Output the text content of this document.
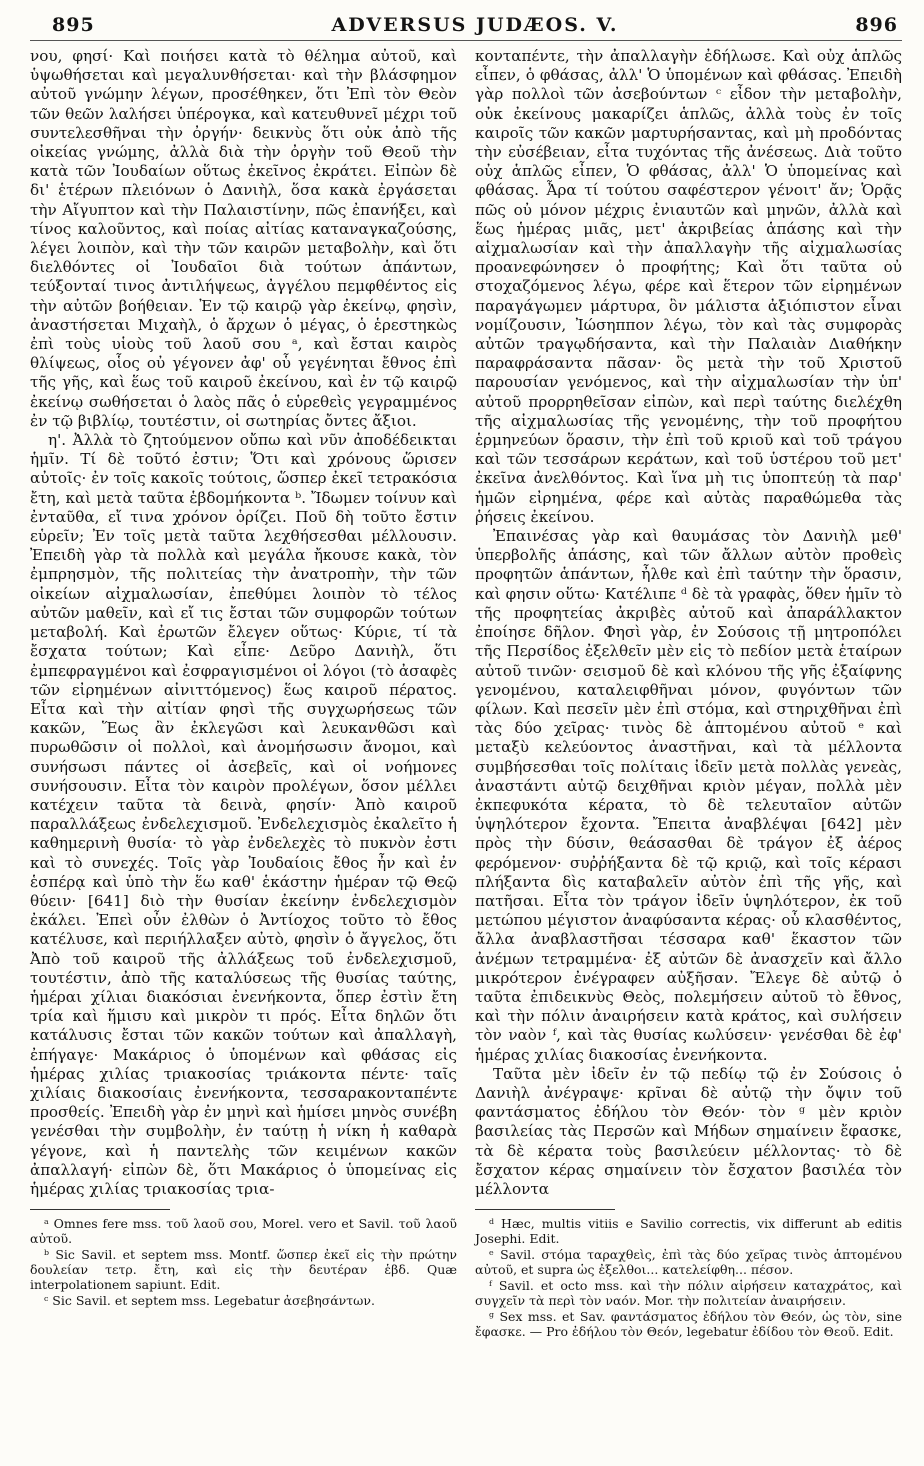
895	ADVERSUS JUDÆOS. V.	896

νου, φησί· Καὶ ποιήσει κατὰ τὸ θέλημα αὐτοῦ, καὶ ὑψωθήσεται καὶ μεγαλυνθήσεται· καὶ τὴν βλάσφημον αὐτοῦ γνώμην λέγων, προσέθηκεν, ὅτι Ἐπὶ τὸν Θεὸν τῶν θεῶν λαλήσει ὑπέρογκα, καὶ κατευθυνεῖ μέχρι τοῦ συντελεσθῆναι τὴν ὀργήν· δεικνὺς ὅτι οὐκ ἀπὸ τῆς οἰκείας γνώμης, ἀλλὰ διὰ τὴν ὀργὴν τοῦ Θεοῦ τὴν κατὰ τῶν Ἰουδαίων οὕτως ἐκεῖνος ἐκράτει. Εἰπὼν δὲ δι' ἑτέρων πλειόνων ὁ Δανιὴλ, ὅσα κακὰ ἐργάσεται τὴν Αἴγυπτον καὶ τὴν Παλαιστίνην, πῶς ἐπανήξει, καὶ τίνος καλοῦντος, καὶ ποίας αἰτίας καταναγκαζούσης, λέγει λοιπὸν, καὶ τὴν τῶν καιρῶν μεταβολὴν, καὶ ὅτι διελθόντες οἱ Ἰουδαῖοι διὰ τούτων ἁπάντων, τεύξονταί τινος ἀντιλήψεως, ἀγγέλου πεμφθέντος εἰς τὴν αὐτῶν βοήθειαν. Ἐν τῷ καιρῷ γὰρ ἐκείνῳ, φησὶν, ἀναστήσεται Μιχαὴλ, ὁ ἄρχων ὁ μέγας, ὁ ἑρεστηκὼς ἐπὶ τοὺς υἱοὺς τοῦ λαοῦ σου ᵃ, καὶ ἔσται καιρὸς θλίψεως, οἷος οὐ γέγονεν ἀφ' οὗ γεγένηται ἔθνος ἐπὶ τῆς γῆς, καὶ ἕως τοῦ καιροῦ ἐκείνου, καὶ ἐν τῷ καιρῷ ἐκείνῳ σωθήσεται ὁ λαὸς πᾶς ὁ εὑρεθεὶς γεγραμμένος ἐν τῷ βιβλίῳ, τουτέστιν, οἱ σωτηρίας ὄντες ἄξιοι.

η'. Ἀλλὰ τὸ ζητούμενον οὔπω καὶ νῦν ἀποδέδεικται ἡμῖν. Τί δὲ τοῦτό ἐστιν; Ὅτι καὶ χρόνους ὥρισεν αὐτοῖς· ἐν τοῖς κακοῖς τούτοις, ὥσπερ ἐκεῖ τετρακόσια ἔτη, καὶ μετὰ ταῦτα ἑβδομήκοντα ᵇ. Ἴδωμεν τοίνυν καὶ ἐνταῦθα, εἴ τινα χρόνον ὁρίζει. Ποῦ δὴ τοῦτο ἔστιν εὑρεῖν; Ἐν τοῖς μετὰ ταῦτα λεχθήσεσθαι μέλλουσιν. Ἐπειδὴ γὰρ τὰ πολλὰ καὶ μεγάλα ἤκουσε κακὰ, τὸν ἐμπρησμὸν, τῆς πολιτείας τὴν ἀνατροπὴν, τὴν τῶν οἰκείων αἰχμαλωσίαν, ἐπεθύμει λοιπὸν τὸ τέλος αὐτῶν μαθεῖν, καὶ εἴ τις ἔσται τῶν συμφορῶν τούτων μεταβολή. Καὶ ἐρωτῶν ἔλεγεν οὕτως· Κύριε, τί τὰ ἔσχατα τούτων; Καὶ εἶπε· Δεῦρο Δανιὴλ, ὅτι ἐμπεφραγμένοι καὶ ἐσφραγισμένοι οἱ λόγοι (τὸ ἀσαφὲς τῶν εἰρημένων αἰνιττόμενος) ἕως καιροῦ πέρατος. Εἶτα καὶ τὴν αἰτίαν φησὶ τῆς συγχωρήσεως τῶν κακῶν, Ἕως ἂν ἐκλεγῶσι καὶ λευκανθῶσι καὶ πυρωθῶσιν οἱ πολλοὶ, καὶ ἀνομήσωσιν ἄνομοι, καὶ συνήσωσι πάντες οἱ ἀσεβεῖς, καὶ οἱ νοήμονες συνήσουσιν. Εἶτα τὸν καιρὸν προλέγων, ὅσον μέλλει κατέχειν ταῦτα τὰ δεινὰ, φησίν· Ἀπὸ καιροῦ παραλλάξεως ἐνδελεχισμοῦ. Ἐνδελεχισμὸς ἐκαλεῖτο ἡ καθημερινὴ θυσία· τὸ γὰρ ἐνδελεχὲς τὸ πυκνὸν ἐστι καὶ τὸ συνεχές. Τοῖς γὰρ Ἰουδαίοις ἔθος ἦν καὶ ἐν ἑσπέρᾳ καὶ ὑπὸ τὴν ἕω καθ' ἑκάστην ἡμέραν τῷ Θεῷ θύειν· [641] διὸ τὴν θυσίαν ἐκείνην ἐνδελεχισμὸν ἐκάλει. Ἐπεὶ οὖν ἐλθὼν ὁ Ἀντίοχος τοῦτο τὸ ἔθος κατέλυσε, καὶ περιήλλαξεν αὐτὸ, φησὶν ὁ ἄγγελος, ὅτι Ἀπὸ τοῦ καιροῦ τῆς ἀλλάξεως τοῦ ἐνδελεχισμοῦ, τουτέστιν, ἀπὸ τῆς καταλύσεως τῆς θυσίας ταύτης, ἡμέραι χίλιαι διακόσιαι ἐνενήκοντα, ὅπερ ἐστὶν ἔτη τρία καὶ ἥμισυ καὶ μικρὸν τι πρός. Εἶτα δηλῶν ὅτι κατάλυσις ἔσται τῶν κακῶν τούτων καὶ ἀπαλλαγὴ, ἐπήγαγε· Μακάριος ὁ ὑπομένων καὶ φθάσας εἰς ἡμέρας χιλίας τριακοσίας τριάκοντα πέντε· ταῖς χιλίαις διακοσίαις ἐνενήκοντα, τεσσαρακονταπέντε προσθείς. Ἐπειδὴ γὰρ ἐν μηνὶ καὶ ἡμίσει μηνὸς συνέβη γενέσθαι τὴν συμβολὴν, ἐν ταύτῃ ἡ νίκη ἡ καθαρὰ γέγονε, καὶ ἡ παντελὴς τῶν κειμένων κακῶν ἀπαλλαγή· εἰπὼν δὲ, ὅτι Μακάριος ὁ ὑπομείνας εἰς ἡμέρας χιλίας τριακοσίας τρια-

ᵃ Omnes fere mss. τοῦ λαοῦ σου, Morel. vero et Savil. τοῦ λαοῦ αὐτοῦ.

ᵇ Sic Savil. et septem mss. Montf. ὥσπερ ἐκεῖ εἰς τὴν πρώτην δουλείαν τετρ. ἔτη, καὶ εἰς τὴν δευτέραν ἑβδ. Quæ interpolationem sapiunt. Edit.

ᶜ Sic Savil. et septem mss. Legebatur ἀσεβησάντων.

κονταπέντε, τὴν ἀπαλλαγὴν ἐδήλωσε. Καὶ οὐχ ἁπλῶς εἶπεν, ὁ φθάσας, ἀλλ' Ὁ ὑπομένων καὶ φθάσας. Ἐπειδὴ γὰρ πολλοὶ τῶν ἀσεβούντων ᶜ εἶδον τὴν μεταβολὴν, οὐκ ἐκείνους μακαρίζει ἁπλῶς, ἀλλὰ τοὺς ἐν τοῖς καιροῖς τῶν κακῶν μαρτυρήσαντας, καὶ μὴ προδόντας τὴν εὐσέβειαν, εἶτα τυχόντας τῆς ἀνέσεως. Διὰ τοῦτο οὐχ ἁπλῶς εἶπεν, Ὁ φθάσας, ἀλλ' Ὁ ὑπομείνας καὶ φθάσας. Ἆρα τί τούτου σαφέστερον γένοιτ' ἄν; Ὁρᾷς πῶς οὐ μόνον μέχρις ἐνιαυτῶν καὶ μηνῶν, ἀλλὰ καὶ ἕως ἡμέρας μιᾶς, μετ' ἀκριβείας ἁπάσης καὶ τὴν αἰχμαλωσίαν καὶ τὴν ἀπαλλαγὴν τῆς αἰχμαλωσίας προανεφώνησεν ὁ προφήτης; Καὶ ὅτι ταῦτα οὐ στοχαζόμενος λέγω, φέρε καὶ ἕτερον τῶν εἰρημένων παραγάγωμεν μάρτυρα, ὃν μάλιστα ἀξιόπιστον εἶναι νομίζουσιν, Ἰώσηππον λέγω, τὸν καὶ τὰς συμφορὰς αὐτῶν τραγῳδήσαντα, καὶ τὴν Παλαιὰν Διαθήκην παραφράσαντα πᾶσαν· ὃς μετὰ τὴν τοῦ Χριστοῦ παρουσίαν γενόμενος, καὶ τὴν αἰχμαλωσίαν τὴν ὑπ' αὐτοῦ προρρηθεῖσαν εἰπὼν, καὶ περὶ ταύτης διελέχθη τῆς αἰχμαλωσίας τῆς γενομένης, τὴν τοῦ προφήτου ἑρμηνεύων ὅρασιν, τὴν ἐπὶ τοῦ κριοῦ καὶ τοῦ τράγου καὶ τῶν τεσσάρων κεράτων, καὶ τοῦ ὑστέρου τοῦ μετ' ἐκεῖνα ἀνελθόντος. Καὶ ἵνα μὴ τις ὑποπτεύῃ τὰ παρ' ἡμῶν εἰρημένα, φέρε καὶ αὐτὰς παραθώμεθα τὰς ῥήσεις ἐκείνου.

Ἐπαινέσας γὰρ καὶ θαυμάσας τὸν Δανιὴλ μεθ' ὑπερβολῆς ἁπάσης, καὶ τῶν ἄλλων αὐτὸν προθεὶς προφητῶν ἁπάντων, ἦλθε καὶ ἐπὶ ταύτην τὴν ὅρασιν, καὶ φησιν οὕτω· Κατέλιπε ᵈ δὲ τὰ γραφὰς, ὅθεν ἡμῖν τὸ τῆς προφητείας ἀκριβὲς αὐτοῦ καὶ ἀπαράλλακτον ἐποίησε δῆλον. Φησὶ γὰρ, ἐν Σούσοις τῇ μητροπόλει τῆς Περσίδος ἐξελθεῖν μὲν εἰς τὸ πεδίον μετὰ ἑταίρων αὐτοῦ τινῶν· σεισμοῦ δὲ καὶ κλόνου τῆς γῆς ἐξαίφνης γενομένου, καταλειφθῆναι μόνον, φυγόντων τῶν φίλων. Καὶ πεσεῖν μὲν ἐπὶ στόμα, καὶ στηριχθῆναι ἐπὶ τὰς δύο χεῖρας· τινὸς δὲ ἁπτομένου αὐτοῦ ᵉ καὶ μεταξὺ κελεύοντος ἀναστῆναι, καὶ τὰ μέλλοντα συμβήσεσθαι τοῖς πολίταις ἰδεῖν μετὰ πολλὰς γενεὰς, ἀναστάντι αὐτῷ δειχθῆναι κριὸν μέγαν, πολλὰ μὲν ἐκπεφυκότα κέρατα, τὸ δὲ τελευταῖον αὐτῶν ὑψηλότερον ἔχοντα. Ἔπειτα ἀναβλέψαι [642] μὲν πρὸς τὴν δύσιν, θεάσασθαι δὲ τράγον ἐξ ἀέρος φερόμενον· συῤῥήξαντα δὲ τῷ κριῷ, καὶ τοῖς κέρασι πλήξαντα δὶς καταβαλεῖν αὐτὸν ἐπὶ τῆς γῆς, καὶ πατῆσαι. Εἶτα τὸν τράγον ἰδεῖν ὑψηλότερον, ἐκ τοῦ μετώπου μέγιστον ἀναφύσαντα κέρας· οὗ κλασθέντος, ἄλλα ἀναβλαστῆσαι τέσσαρα καθ' ἕκαστον τῶν ἀνέμων τετραμμένα· ἐξ αὐτῶν δὲ ἀνασχεῖν καὶ ἄλλο μικρότερον ἐνέγραφεν αὐξῆσαν. Ἔλεγε δὲ αὐτῷ ὁ ταῦτα ἐπιδεικνὺς Θεὸς, πολεμήσειν αὐτοῦ τὸ ἔθνος, καὶ τὴν πόλιν ἀναιρήσειν κατὰ κράτος, καὶ συλήσειν τὸν ναὸν ᶠ, καὶ τὰς θυσίας κωλύσειν· γενέσθαι δὲ ἐφ' ἡμέρας χιλίας διακοσίας ἐνενήκοντα.

Ταῦτα μὲν ἰδεῖν ἐν τῷ πεδίῳ τῷ ἐν Σούσοις ὁ Δανιὴλ ἀνέγραψε· κρῖναι δὲ αὐτῷ τὴν ὄψιν τοῦ φαντάσματος ἐδήλου τὸν Θεόν· τὸν ᵍ μὲν κριὸν βασιλείας τὰς Περσῶν καὶ Μήδων σημαίνειν ἔφασκε, τὰ δὲ κέρατα τοὺς βασιλεύειν μέλλοντας· τὸ δὲ ἔσχατον κέρας σημαίνειν τὸν ἔσχατον βασιλέα τὸν μέλλοντα

ᵈ Hæc, multis vitiis e Savilio correctis, vix differunt ab editis Josephi. Edit.

ᵉ Savil. στόμα ταραχθεὶς, ἐπὶ τὰς δύο χεῖρας τινὸς ἁπτομένου αὐτοῦ, et supra ὡς ἐξελθοι... κατελείφθη... πέσον.

ᶠ Savil. et octo mss. καὶ τὴν πόλιν αἱρήσειν καταχράτος, καὶ συγχεῖν τὰ περὶ τὸν ναόν. Mor. τὴν πολιτείαν ἀναιρήσειν.

ᵍ Sex mss. et Sav. φαντάσματος ἐδήλου τὸν Θεόν, ὡς τὸν, sine ἔφασκε. — Pro ἐδήλου τὸν Θεόν, legebatur ἐδίδου τὸν Θεοῦ. Edit.
